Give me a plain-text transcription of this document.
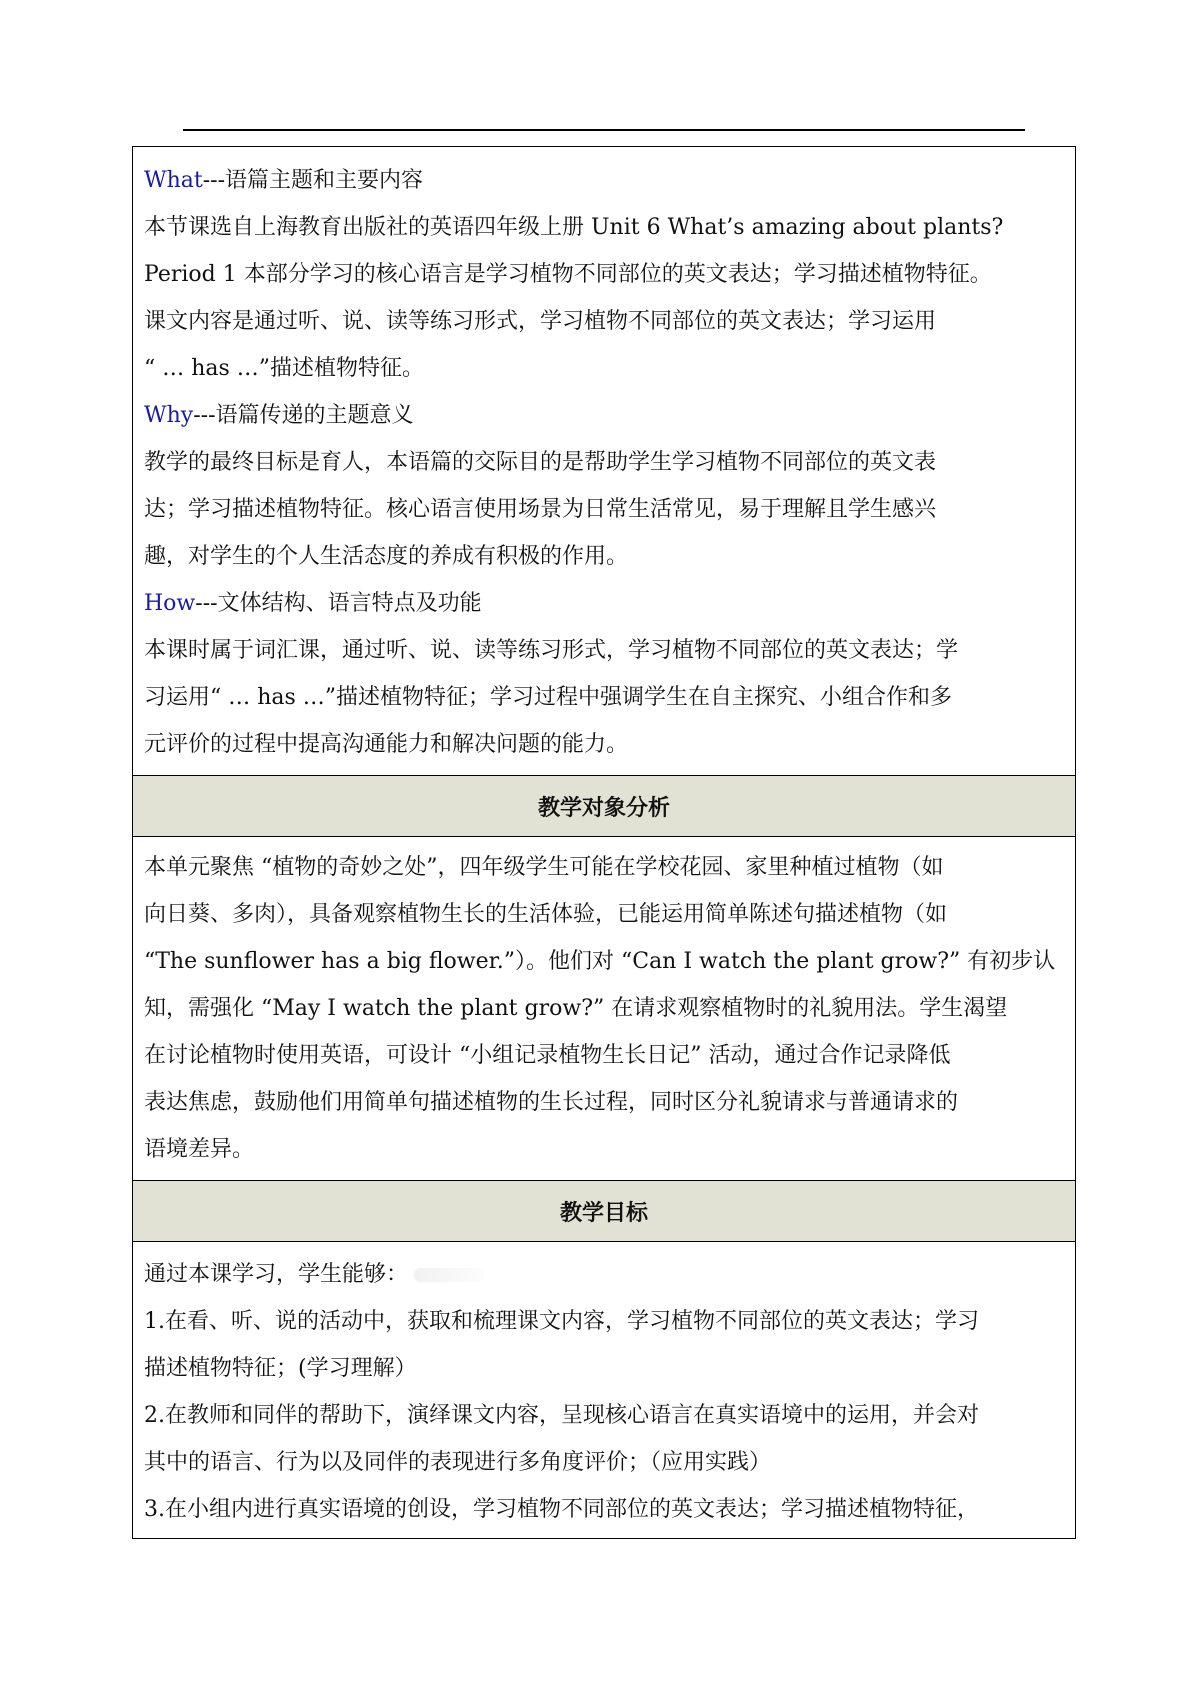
What---语篇主题和主要内容

本节课选自上海教育出版社的英语四年级上册 Unit 6 What’s amazing about plants?

Period 1 本部分学习的核心语言是学习植物不同部位的英文表达；学习描述植物特征。

课文内容是通过听、说、读等练习形式，学习植物不同部位的英文表达；学习运用

“ … has …”描述植物特征。

Why---语篇传递的主题意义

教学的最终目标是育人，本语篇的交际目的是帮助学生学习植物不同部位的英文表

达；学习描述植物特征。核心语言使用场景为日常生活常见，易于理解且学生感兴

趣，对学生的个人生活态度的养成有积极的作用。

How---文体结构、语言特点及功能

本课时属于词汇课，通过听、说、读等练习形式，学习植物不同部位的英文表达；学

习运用“ … has …”描述植物特征；学习过程中强调学生在自主探究、小组合作和多

元评价的过程中提高沟通能力和解决问题的能力。

教学对象分析

本单元聚焦 “植物的奇妙之处”，四年级学生可能在学校花园、家里种植过植物（如

向日葵、多肉），具备观察植物生长的生活体验，已能运用简单陈述句描述植物（如

“The sunflower has a big flower.”）。他们对 “Can I watch the plant grow?” 有初步认

知，需强化 “May I watch the plant grow?” 在请求观察植物时的礼貌用法。学生渴望

在讨论植物时使用英语，可设计 “小组记录植物生长日记” 活动，通过合作记录降低

表达焦虑，鼓励他们用简单句描述植物的生长过程，同时区分礼貌请求与普通请求的

语境差异。

教学目标

通过本课学习，学生能够：

1.在看、听、说的活动中，获取和梳理课文内容，学习植物不同部位的英文表达；学习

描述植物特征；(学习理解）

2.在教师和同伴的帮助下，演绎课文内容，呈现核心语言在真实语境中的运用，并会对

其中的语言、行为以及同伴的表现进行多角度评价；（应用实践）

3.在小组内进行真实语境的创设，学习植物不同部位的英文表达；学习描述植物特征，
